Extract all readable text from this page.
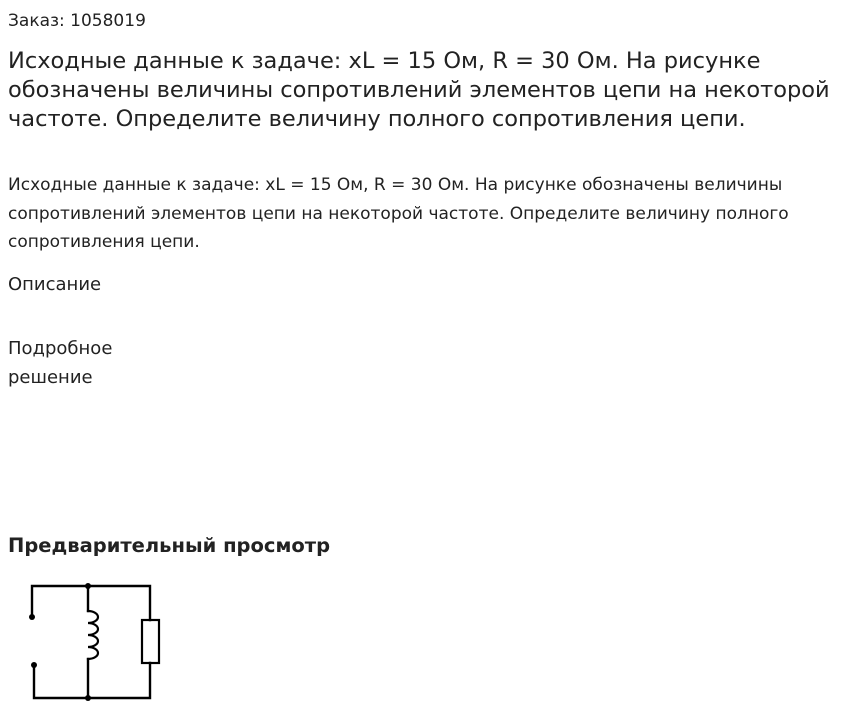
Заказ: 1058019
Исходные данные к задаче: xL = 15 Ом, R = 30 Ом. На рисунке обозначены величины сопротивлений элементов цепи на некоторой частоте. Определите величину полного сопротивления цепи.

Исходные данные к задаче: xL = 15 Ом, R = 30 Ом. На рисунке обозначены величины сопротивлений элементов цепи на некоторой частоте. Определите величину полного сопротивления цепи.

Описание
Подробное решение
Предварительный просмотр
